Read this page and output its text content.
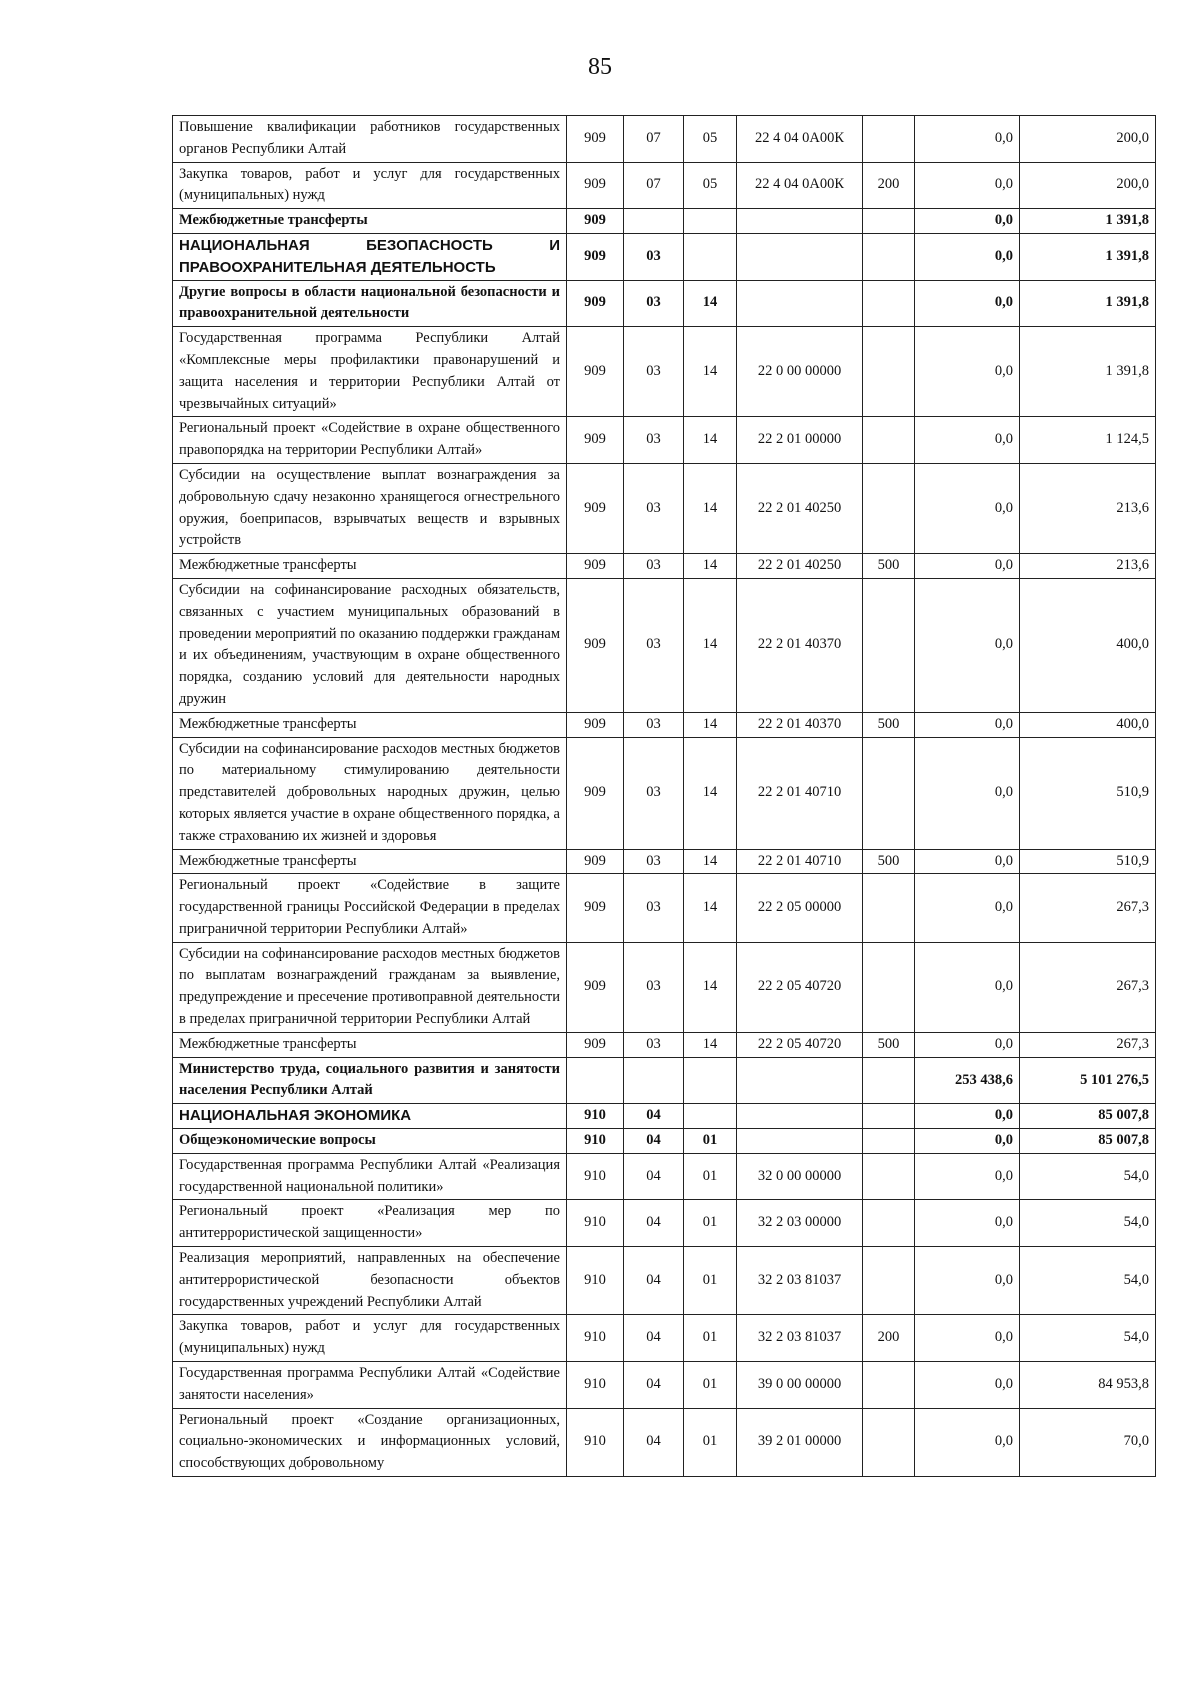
85
Повышение квалификации работников государственных органов Республики Алтай	909	07	05	22 4 04 0А00К		0,0	200,0
Закупка товаров, работ и услуг для государственных (муниципальных) нужд	909	07	05	22 4 04 0А00К	200	0,0	200,0
Межбюджетные трансферты	909					0,0	1 391,8
НАЦИОНАЛЬНАЯ БЕЗОПАСНОСТЬ И ПРАВООХРАНИТЕЛЬНАЯ ДЕЯТЕЛЬНОСТЬ	909	03				0,0	1 391,8
Другие вопросы в области национальной безопасности и правоохранительной деятельности	909	03	14			0,0	1 391,8
Государственная программа Республики Алтай «Комплексные меры профилактики правонарушений и защита населения и территории Республики Алтай от чрезвычайных ситуаций»	909	03	14	22 0 00 00000		0,0	1 391,8
Региональный проект «Содействие в охране общественного правопорядка на территории Республики Алтай»	909	03	14	22 2 01 00000		0,0	1 124,5
Субсидии на осуществление выплат вознаграждения за добровольную сдачу незаконно хранящегося огнестрельного оружия, боеприпасов, взрывчатых веществ и взрывных устройств	909	03	14	22 2 01 40250		0,0	213,6
Межбюджетные трансферты	909	03	14	22 2 01 40250	500	0,0	213,6
Субсидии на софинансирование расходных обязательств, связанных с участием муниципальных образований в проведении мероприятий по оказанию поддержки гражданам и их объединениям, участвующим в охране общественного порядка, созданию условий для деятельности народных дружин	909	03	14	22 2 01 40370		0,0	400,0
Межбюджетные трансферты	909	03	14	22 2 01 40370	500	0,0	400,0
Субсидии на софинансирование расходов местных бюджетов по материальному стимулированию деятельности представителей добровольных народных дружин, целью которых является участие в охране общественного порядка, а также страхованию их жизней и здоровья	909	03	14	22 2 01 40710		0,0	510,9
Межбюджетные трансферты	909	03	14	22 2 01 40710	500	0,0	510,9
Региональный проект «Содействие в защите государственной границы Российской Федерации в пределах приграничной территории Республики Алтай»	909	03	14	22 2 05 00000		0,0	267,3
Субсидии на софинансирование расходов местных бюджетов по выплатам вознаграждений гражданам за выявление, предупреждение и пресечение противоправной деятельности в пределах приграничной территории Республики Алтай	909	03	14	22 2 05 40720		0,0	267,3
Межбюджетные трансферты	909	03	14	22 2 05 40720	500	0,0	267,3
Министерство труда, социального развития и занятости населения Республики Алтай						253 438,6	5 101 276,5
НАЦИОНАЛЬНАЯ ЭКОНОМИКА	910	04				0,0	85 007,8
Общеэкономические вопросы	910	04	01			0,0	85 007,8
Государственная программа Республики Алтай «Реализация государственной национальной политики»	910	04	01	32 0 00 00000		0,0	54,0
Региональный проект «Реализация мер по антитеррористической защищенности»	910	04	01	32 2 03 00000		0,0	54,0
Реализация мероприятий, направленных на обеспечение антитеррористической безопасности объектов государственных учреждений Республики Алтай	910	04	01	32 2 03 81037		0,0	54,0
Закупка товаров, работ и услуг для государственных (муниципальных) нужд	910	04	01	32 2 03 81037	200	0,0	54,0
Государственная программа Республики Алтай «Содействие занятости населения»	910	04	01	39 0 00 00000		0,0	84 953,8
Региональный проект «Создание организационных, социально-экономических и информационных условий, способствующих добровольному	910	04	01	39 2 01 00000		0,0	70,0
